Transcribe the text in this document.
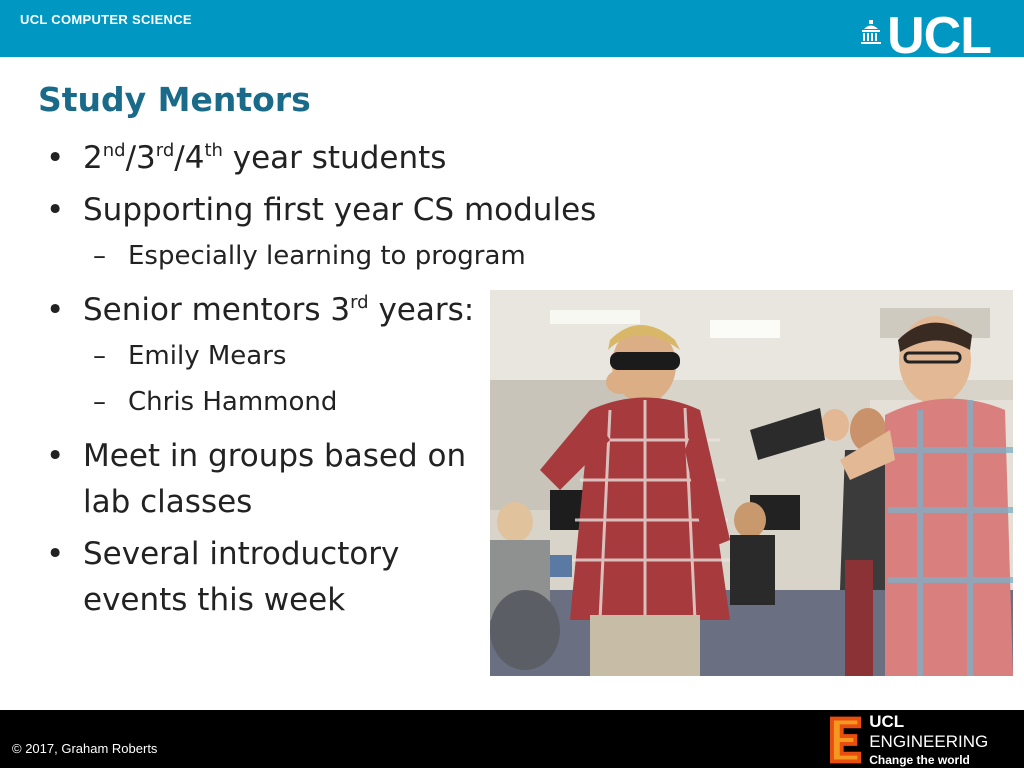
UCL COMPUTER SCIENCE	UCL
Study Mentors
• 2nd/3rd/4th year students
• Supporting first year CS modules
– Especially learning to program
• Senior mentors 3rd years:
– Emily Mears
– Chris Hammond
• Meet in groups based on
lab classes
• Several introductory
events this week
© 2017, Graham Roberts
UCL ENGINEERING
Change the world
